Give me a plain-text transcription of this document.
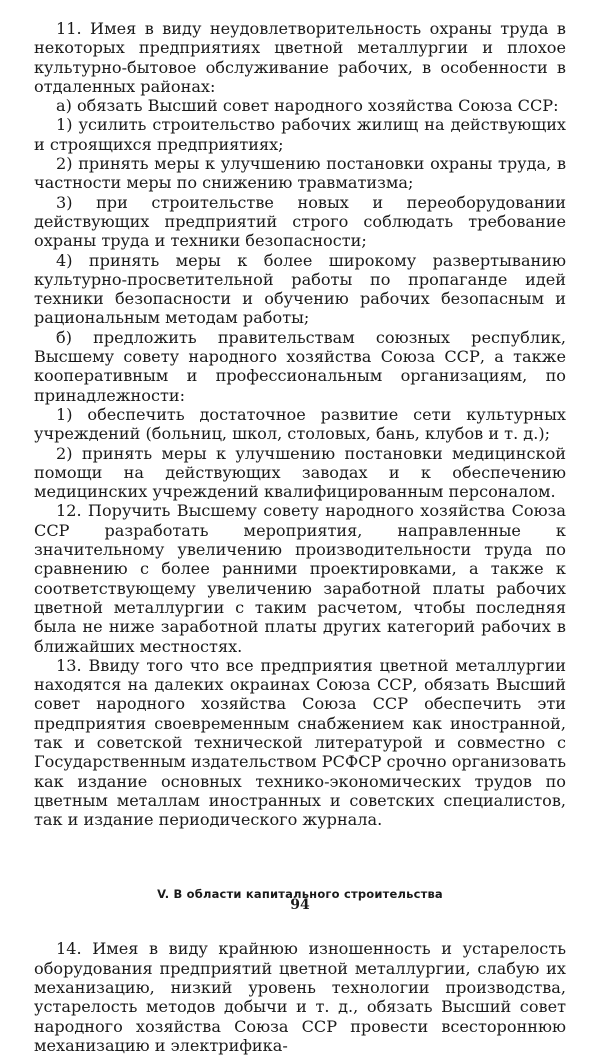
11. Имея в виду неудовлетворительность охраны труда в некоторых предприятиях цветной металлургии и плохое культурно-бытовое обслуживание рабочих, в особенности в отдаленных районах:

а) обязать Высший совет народного хозяйства Союза ССР:

1) усилить строительство рабочих жилищ на действующих и строящихся предприятиях;

2) принять меры к улучшению постановки охраны труда, в частности меры по снижению травматизма;

3) при строительстве новых и переоборудовании действующих предприятий строго соблюдать требование охраны труда и техники безопасности;

4) принять меры к более широкому развертыванию культурно-просветительной работы по пропаганде идей техники безопасности и обучению рабочих безопасным и рациональным методам работы;

б) предложить правительствам союзных республик, Высшему совету народного хозяйства Союза ССР, а также кооперативным и профессиональным организациям, по принадлежности:

1) обеспечить достаточное развитие сети культурных учреждений (больниц, школ, столовых, бань, клубов и т. д.);

2) принять меры к улучшению постановки медицинской помощи на действующих заводах и к обеспечению медицинских учреждений квалифицированным персоналом.

12. Поручить Высшему совету народного хозяйства Союза ССР разработать мероприятия, направленные к значительному увеличению производительности труда по сравнению с более ранними проектировками, а также к соответствующему увеличению заработной платы рабочих цветной металлургии с таким расчетом, чтобы последняя была не ниже заработной платы других категорий рабочих в ближайших местностях.

13. Ввиду того что все предприятия цветной металлургии находятся на далеких окраинах Союза ССР, обязать Высший совет народного хозяйства Союза ССР обеспечить эти предприятия своевременным снабжением как иностранной, так и советской технической литературой и совместно с Государственным издательством РСФСР срочно организовать как издание основных технико-экономических трудов по цветным металлам иностранных и советских специалистов, так и издание периодического журнала.

V. В области капитального строительства

14. Имея в виду крайнюю изношенность и устарелость оборудования предприятий цветной металлургии, слабую их механизацию, низкий уровень технологии производства, устарелость методов добычи и т. д., обязать Высший совет народного хозяйства Союза ССР провести всестороннюю механизацию и электрифика-

94
